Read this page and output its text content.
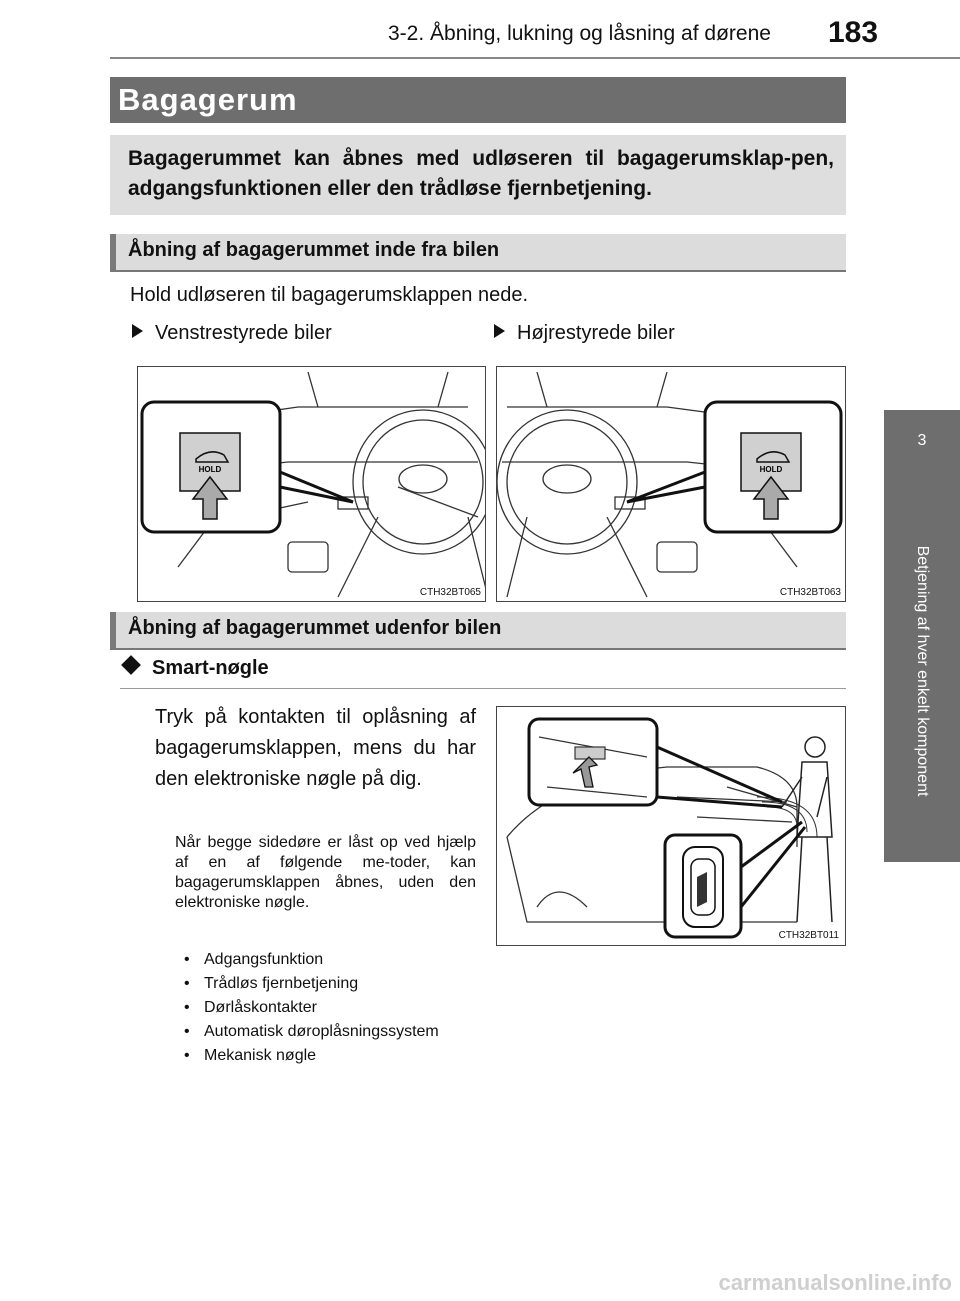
3-2. Åbning, lukning og låsning af dørene 183
3
Betjening af hver enkelt komponent
Bagagerum
Bagagerummet kan åbnes med udløseren til bagagerumsklap-pen, adgangsfunktionen eller den trådløse fjernbetjening.
Åbning af bagagerummet inde fra bilen
Hold udløseren til bagagerumsklappen nede.
Venstrestyrede biler	Højrestyrede biler
HOLD
CTH32BT065
HOLD
CTH32BT063
Åbning af bagagerummet udenfor bilen
Smart-nøgle
Tryk på kontakten til oplåsning af bagagerumsklappen, mens du har den elektroniske nøgle på dig.
Når begge sidedøre er låst op ved hjælp af en af følgende me-toder, kan bagagerumsklappen åbnes, uden den elektroniske nøgle.
• Adgangsfunktion
• Trådløs fjernbetjening
• Dørlåskontakter
• Automatisk døroplåsningssystem
• Mekanisk nøgle
CTH32BT011
carmanualsonline.info
